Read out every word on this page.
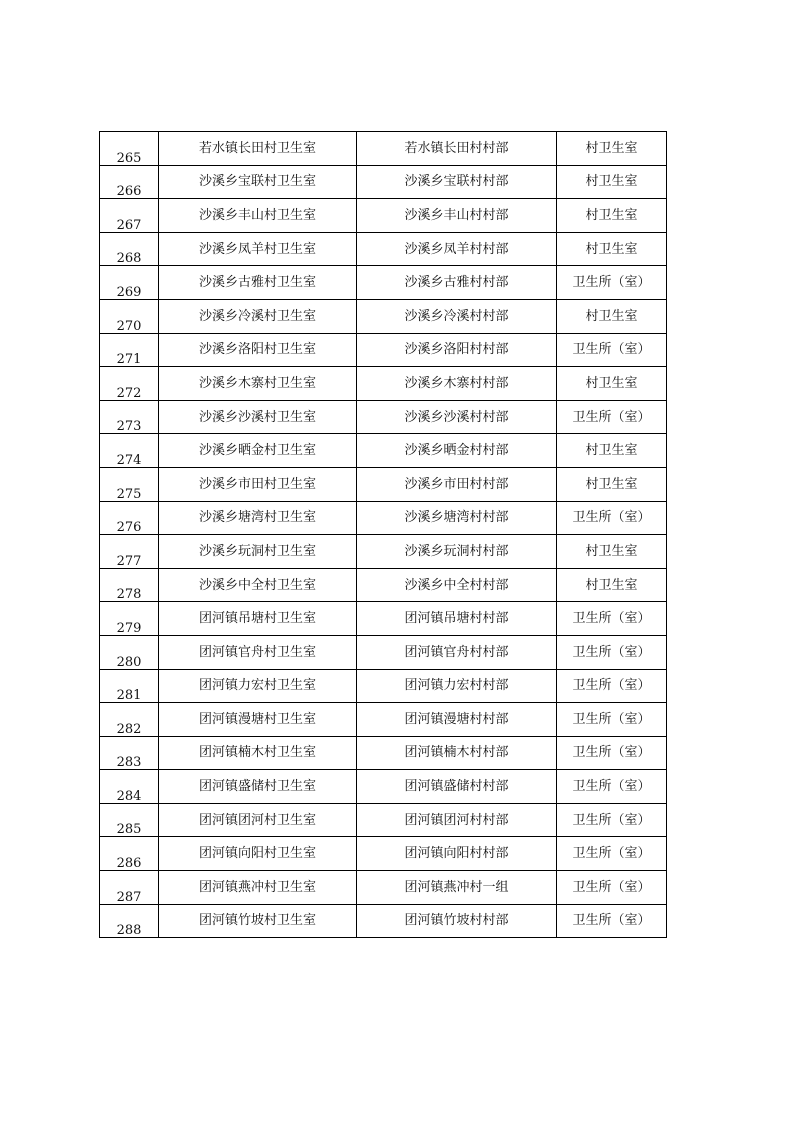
265	若水镇长田村卫生室	若水镇长田村村部	村卫生室
266	沙溪乡宝联村卫生室	沙溪乡宝联村村部	村卫生室
267	沙溪乡丰山村卫生室	沙溪乡丰山村村部	村卫生室
268	沙溪乡凤羊村卫生室	沙溪乡凤羊村村部	村卫生室
269	沙溪乡古雅村卫生室	沙溪乡古雅村村部	卫生所（室）
270	沙溪乡冷溪村卫生室	沙溪乡冷溪村村部	村卫生室
271	沙溪乡洛阳村卫生室	沙溪乡洛阳村村部	卫生所（室）
272	沙溪乡木寨村卫生室	沙溪乡木寨村村部	村卫生室
273	沙溪乡沙溪村卫生室	沙溪乡沙溪村村部	卫生所（室）
274	沙溪乡晒金村卫生室	沙溪乡晒金村村部	村卫生室
275	沙溪乡市田村卫生室	沙溪乡市田村村部	村卫生室
276	沙溪乡塘湾村卫生室	沙溪乡塘湾村村部	卫生所（室）
277	沙溪乡玩洞村卫生室	沙溪乡玩洞村村部	村卫生室
278	沙溪乡中全村卫生室	沙溪乡中全村村部	村卫生室
279	团河镇吊塘村卫生室	团河镇吊塘村村部	卫生所（室）
280	团河镇官舟村卫生室	团河镇官舟村村部	卫生所（室）
281	团河镇力宏村卫生室	团河镇力宏村村部	卫生所（室）
282	团河镇漫塘村卫生室	团河镇漫塘村村部	卫生所（室）
283	团河镇楠木村卫生室	团河镇楠木村村部	卫生所（室）
284	团河镇盛储村卫生室	团河镇盛储村村部	卫生所（室）
285	团河镇团河村卫生室	团河镇团河村村部	卫生所（室）
286	团河镇向阳村卫生室	团河镇向阳村村部	卫生所（室）
287	团河镇燕冲村卫生室	团河镇燕冲村一组	卫生所（室）
288	团河镇竹坡村卫生室	团河镇竹坡村村部	卫生所（室）
